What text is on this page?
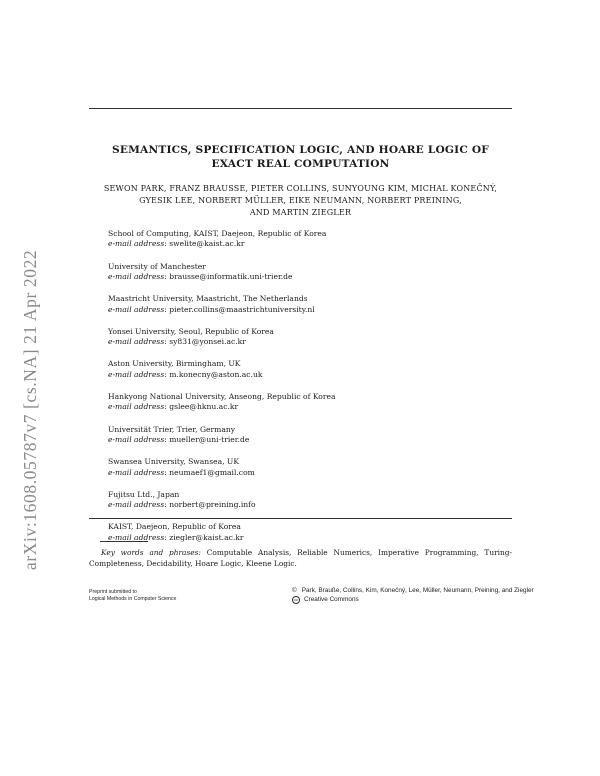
arXiv:1608.05787v7 [cs.NA] 21 Apr 2022
SEMANTICS, SPECIFICATION LOGIC, AND HOARE LOGIC OF
EXACT REAL COMPUTATION
SEWON PARK, FRANZ BRAUSSE, PIETER COLLINS, SUNYOUNG KIM, MICHAL KONEČNÝ,
GYESIK LEE, NORBERT MÜLLER, EIKE NEUMANN, NORBERT PREINING,
AND MARTIN ZIEGLER
School of Computing, KAIST, Daejeon, Republic of Korea
e-mail address: swelite@kaist.ac.kr
University of Manchester
e-mail address: brausse@informatik.uni-trier.de
Maastricht University, Maastricht, The Netherlands
e-mail address: pieter.collins@maastrichtuniversity.nl
Yonsei University, Seoul, Republic of Korea
e-mail address: sy831@yonsei.ac.kr
Aston University, Birmingham, UK
e-mail address: m.konecny@aston.ac.uk
Hankyong National University, Anseong, Republic of Korea
e-mail address: gslee@hknu.ac.kr
Universität Trier, Trier, Germany
e-mail address: mueller@uni-trier.de
Swansea University, Swansea, UK
e-mail address: neumaef1@gmail.com
Fujitsu Ltd., Japan
e-mail address: norbert@preining.info
KAIST, Daejeon, Republic of Korea
e-mail address: ziegler@kaist.ac.kr
Key words and phrases: Computable Analysis, Reliable Numerics, Imperative Programming, Turing-Completeness, Decidability, Hoare Logic, Kleene Logic.
Preprint submitted to
Logical Methods in Computer Science
© Park, Brauße, Collins, Kim, Konečný, Lee, Müller, Neumann, Preining, and Ziegler
cc Creative Commons
